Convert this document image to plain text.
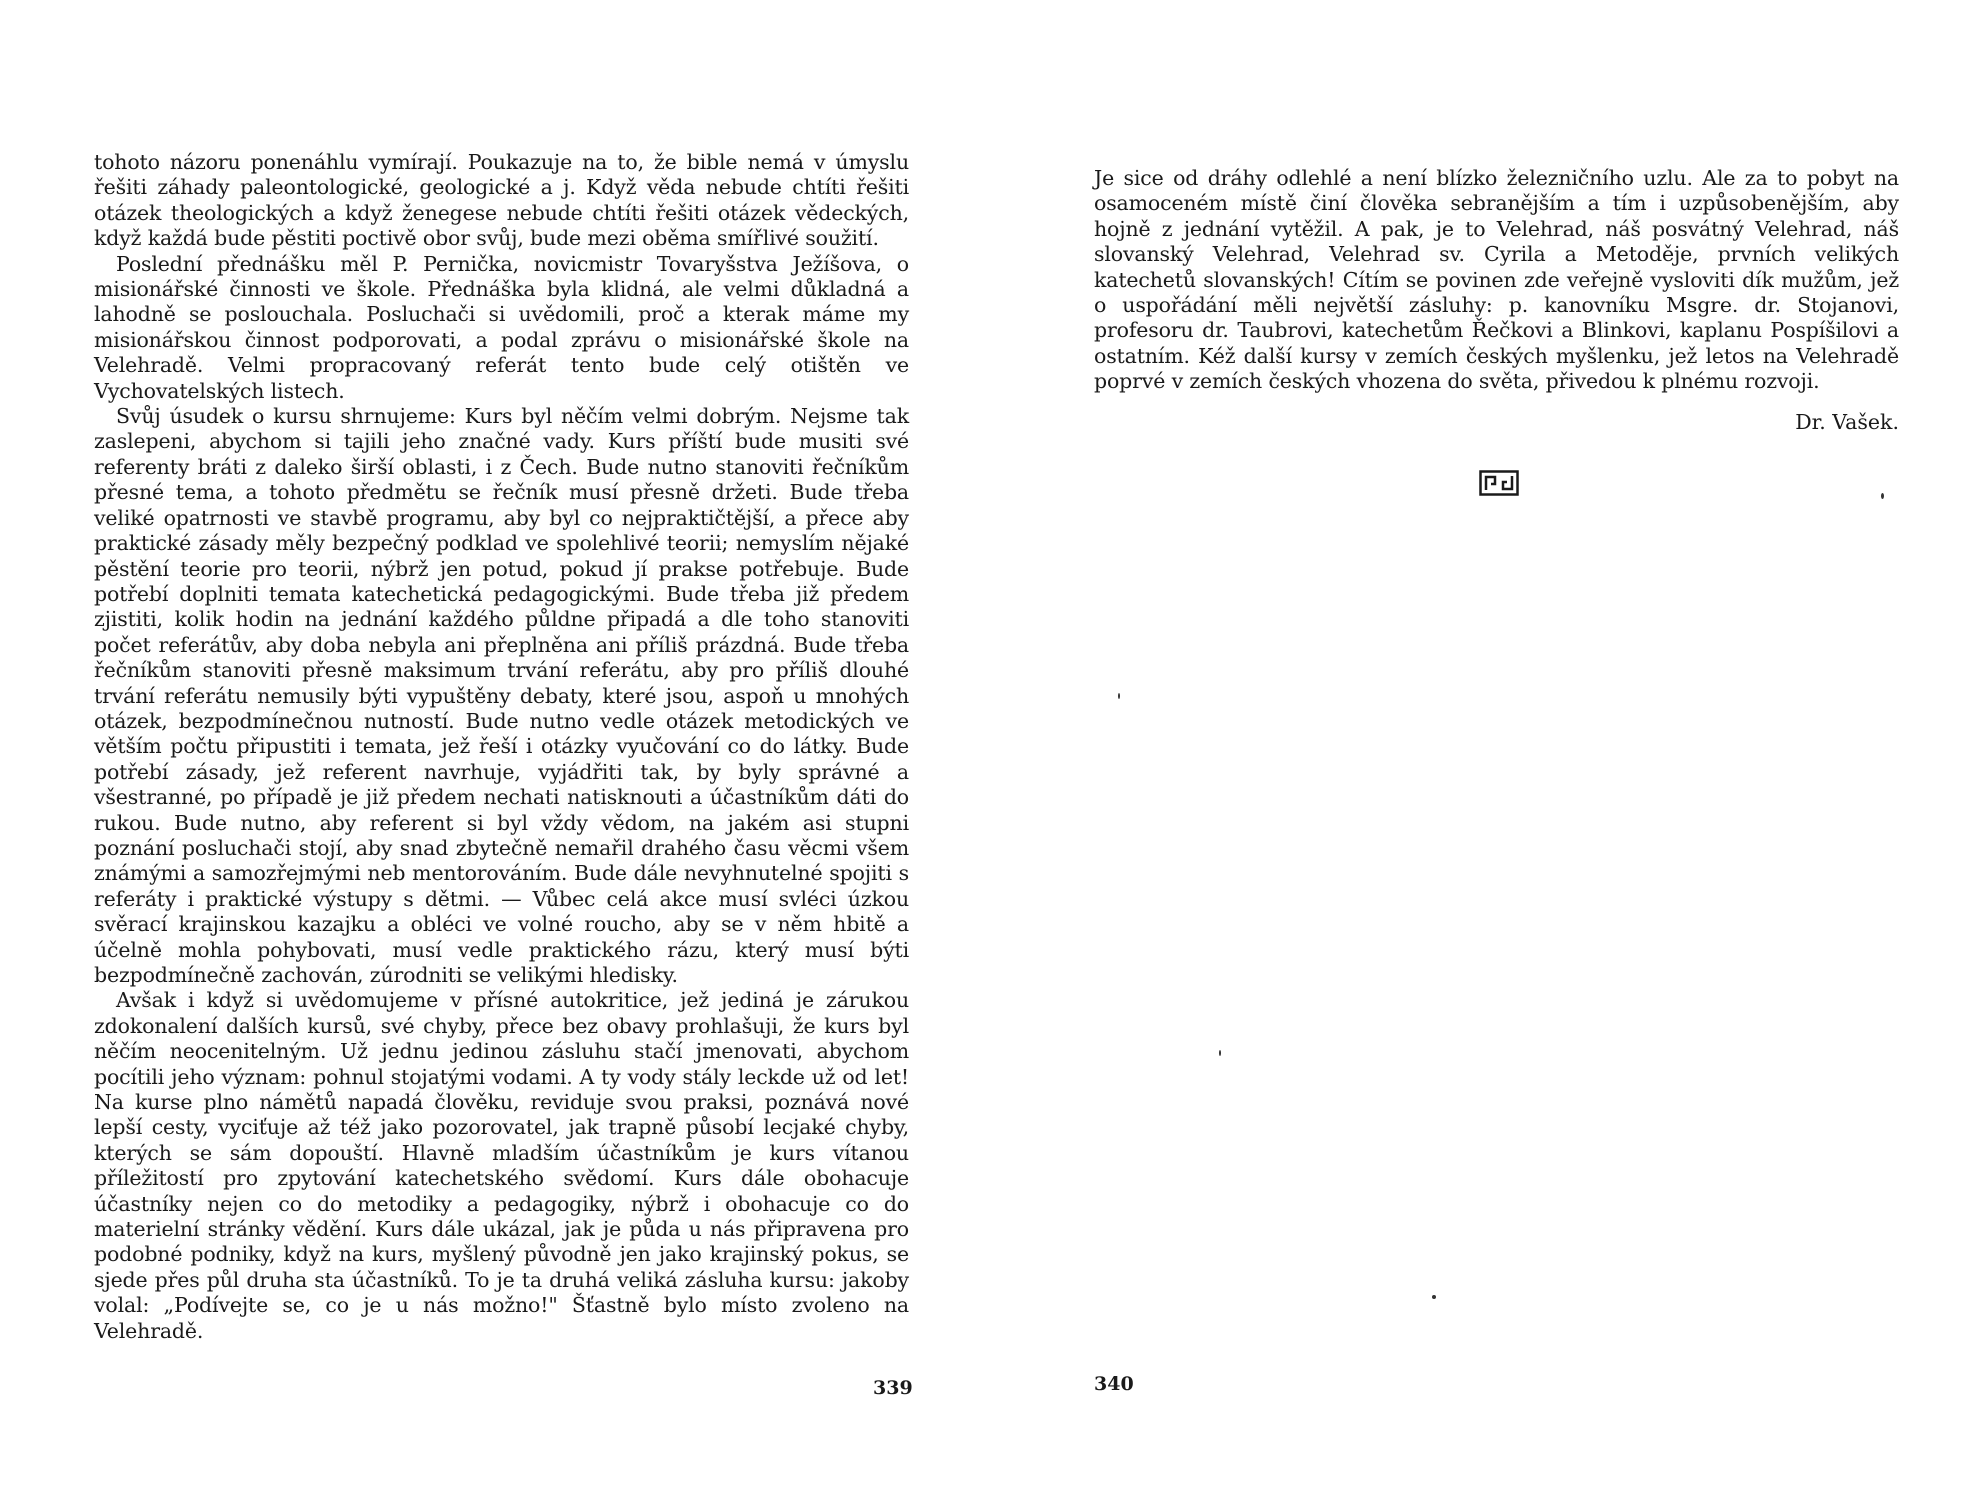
tohoto názoru ponenáhlu vymírají. Poukazuje na to, že bible nemá v úmyslu řešiti záhady paleontologické, geologické a j. Když věda nebude chtíti řešiti otázek theologických a když ženegese nebude chtíti řešiti otázek vědeckých, když každá bude pěstiti poctivě obor svůj, bude mezi oběma smířlivé soužití.

Poslední přednášku měl P. Pernička, novicmistr Tovaryšstva Ježíšova, o misionářské činnosti ve škole. Přednáška byla klidná, ale velmi důkladná a lahodně se poslouchala. Posluchači si uvědomili, proč a kterak máme my misionářskou činnost podporovati, a podal zprávu o misionářské škole na Velehradě. Velmi propracovaný referát tento bude celý otištěn ve Vychovatelských listech.

Svůj úsudek o kursu shrnujeme: Kurs byl něčím velmi dobrým. Nejsme tak zaslepeni, abychom si tajili jeho značné vady. Kurs příští bude musiti své referenty bráti z daleko širší oblasti, i z Čech. Bude nutno stanoviti řečníkům přesné tema, a tohoto předmětu se řečník musí přesně držeti. Bude třeba veliké opatrnosti ve stavbě programu, aby byl co nejpraktičtější, a přece aby praktické zásady měly bezpečný podklad ve spolehlivé teorii; nemyslím nějaké pěstění teorie pro teorii, nýbrž jen potud, pokud jí prakse potřebuje. Bude potřebí doplniti temata katechetická pedagogickými. Bude třeba již předem zjistiti, kolik hodin na jednání každého půldne připadá a dle toho stanoviti počet referátův, aby doba nebyla ani přeplněna ani příliš prázdná. Bude třeba řečníkům stanoviti přesně maksimum trvání referátu, aby pro příliš dlouhé trvání referátu nemusily býti vypuštěny debaty, které jsou, aspoň u mnohých otázek, bezpodmínečnou nutností. Bude nutno vedle otázek metodických ve větším počtu připustiti i temata, jež řeší i otázky vyučování co do látky. Bude potřebí zásady, jež referent navrhuje, vyjádřiti tak, by byly správné a všestranné, po případě je již předem nechati natisknouti a účastníkům dáti do rukou. Bude nutno, aby referent si byl vždy vědom, na jakém asi stupni poznání posluchači stojí, aby snad zbytečně nemařil drahého času věcmi všem známými a samozřejmými neb mentorováním. Bude dále nevyhnutelné spojiti s referáty i praktické výstupy s dětmi. — Vůbec celá akce musí svléci úzkou svěrací krajinskou kazajku a obléci ve volné roucho, aby se v něm hbitě a účelně mohla pohybovati, musí vedle praktického rázu, který musí býti bezpodmínečně zachován, zúrodniti se velikými hledisky.

Avšak i když si uvědomujeme v přísné autokritice, jež jediná je zárukou zdokonalení dalších kursů, své chyby, přece bez obavy prohlašuji, že kurs byl něčím neocenitelným. Už jednu jedinou zásluhu stačí jmenovati, abychom pocítili jeho význam: pohnul stojatými vodami. A ty vody stály leckde už od let! Na kurse plno námětů napadá člověku, reviduje svou praksi, poznává nové lepší cesty, vyciťuje až též jako pozorovatel, jak trapně působí lecjaké chyby, kterých se sám dopouští. Hlavně mladším účastníkům je kurs vítanou příležitostí pro zpytování katechetského svědomí. Kurs dále obohacuje účastníky nejen co do metodiky a pedagogiky, nýbrž i obohacuje co do materielní stránky vědění. Kurs dále ukázal, jak je půda u nás připravena pro podobné podniky, když na kurs, myšlený původně jen jako krajinský pokus, se sjede přes půl druha sta účastníků. To je ta druhá veliká zásluha kursu: jakoby volal: „Podívejte se, co je u nás možno!" Šťastně bylo místo zvoleno na Velehradě.

339

Je sice od dráhy odlehlé a není blízko železničního uzlu. Ale za to pobyt na osamoceném místě činí člověka sebranějším a tím i uzpůsobenějším, aby hojně z jednání vytěžil. A pak, je to Velehrad, náš posvátný Velehrad, náš slovanský Velehrad, Velehrad sv. Cyrila a Metoděje, prvních velikých katechetů slovanských! Cítím se povinen zde veřejně vysloviti dík mužům, jež o uspořádání měli největší zásluhy: p. kanovníku Msgre. dr. Stojanovi, profesoru dr. Taubrovi, katechetům Řečkovi a Blinkovi, kaplanu Pospíšilovi a ostatním. Kéž další kursy v zemích českých myšlenku, jež letos na Velehradě poprvé v zemích českých vhozena do světa, přivedou k plnému rozvoji.

Dr. Vašek.
340
